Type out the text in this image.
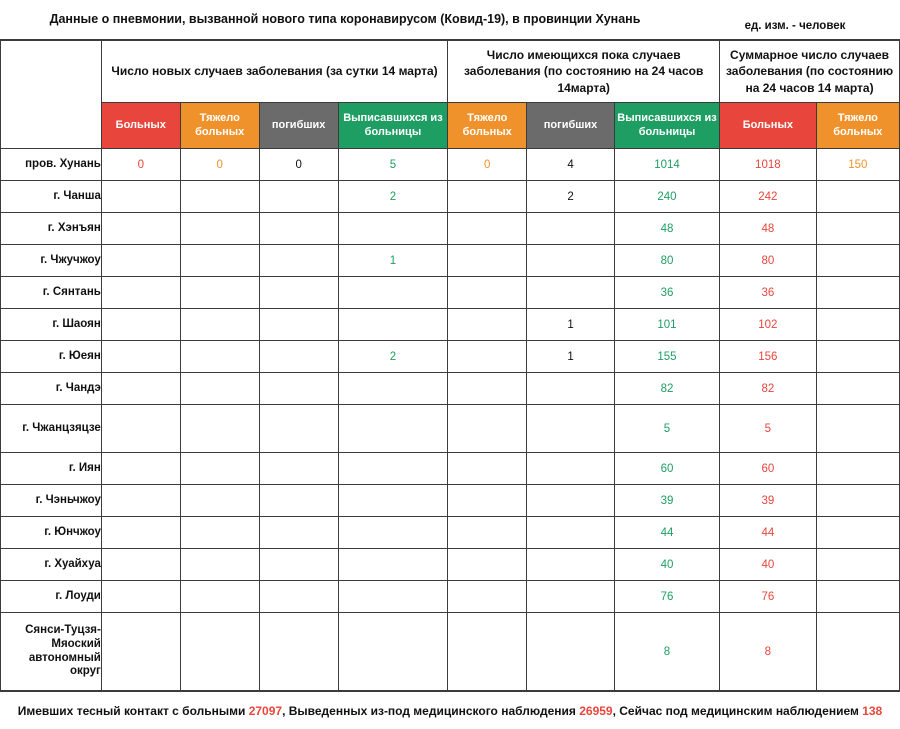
Данные о пневмонии, вызванной нового типа коронавирусом (Ковид-19), в провинции Хунань	ед. изм. - человек
	Число новых случаев заболевания (за сутки 14 марта)				Число имеющихся пока случаев заболевания (по состоянию на 24 часов 14марта)			Суммарное число случаев заболевания (по состоянию на 24 часов 14 марта)	
	Больных	Тяжело больных	погибших	Выписавшихся из больницы	Тяжело больных	погибших	Выписавшихся из больницы	Больных	Тяжело больных
пров. Хунань	0	0	0	5	0	4	1014	1018	150
г. Чанша				2		2	240	242	
г. Хэнъян							48	48	
г. Чжучжоу				1			80	80	
г. Сянтань							36	36	
г. Шаоян						1	101	102	
г. Юеян				2		1	155	156	
г. Чандэ							82	82	
г. Чжанцзяцзе							5	5	
г. Иян							60	60	
г. Чэньчжоу							39	39	
г. Юнчжоу							44	44	
г. Хуайхуа							40	40	
г. Лоуди							76	76	
Сянси-Туцзя-Мяоский автономный округ							8	8	
Имевших тесный контакт с больными 27097 , Выведенных из-под медицинского наблюдения 26959 , Сейчас под медицинским наблюдением 138
